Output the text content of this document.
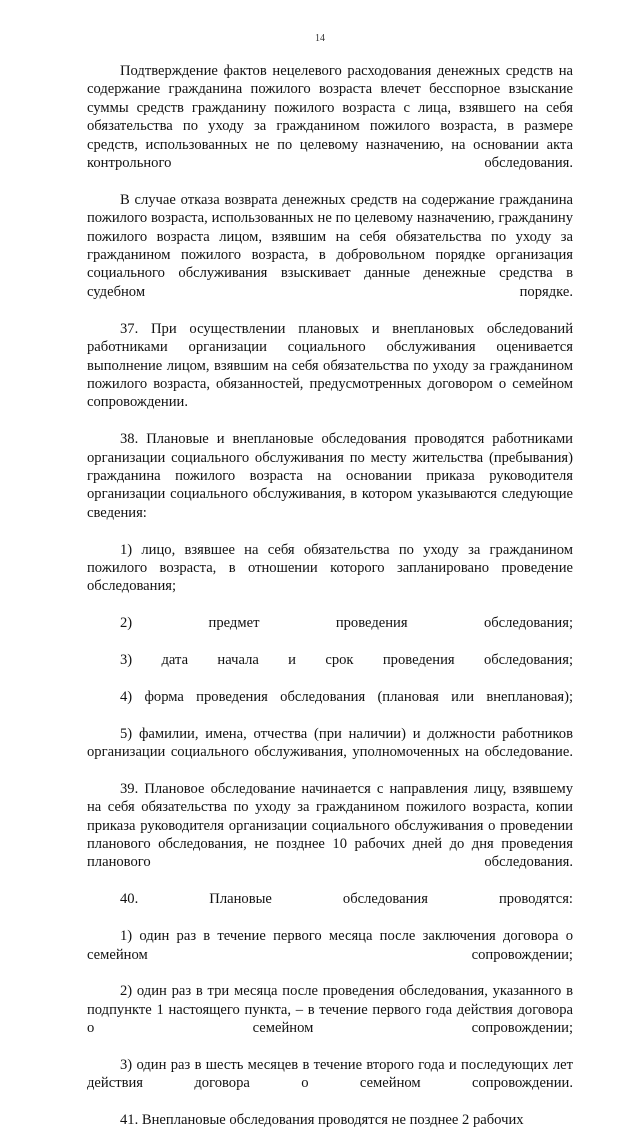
14

Подтверждение фактов нецелевого расходования денежных средств на содержание гражданина пожилого возраста влечет бесспорное взыскание суммы средств гражданину пожилого возраста с лица, взявшего на себя обязательства по уходу за гражданином пожилого возраста, в размере средств, использованных не по целевому назначению, на основании акта контрольного обследования.

В случае отказа возврата денежных средств на содержание гражданина пожилого возраста, использованных не по целевому назначению, гражданину пожилого возраста лицом, взявшим на себя обязательства по уходу за гражданином пожилого возраста, в добровольном порядке организация социального обслуживания взыскивает данные денежные средства в судебном порядке.

37. При осуществлении плановых и внеплановых обследований работниками организации социального обслуживания оценивается выполнение лицом, взявшим на себя обязательства по уходу за гражданином пожилого возраста, обязанностей, предусмотренных договором о семейном сопровождении.

38. Плановые и внеплановые обследования проводятся работниками организации социального обслуживания по месту жительства (пребывания) гражданина пожилого возраста на основании приказа руководителя организации социального обслуживания, в котором указываются следующие сведения:

1) лицо, взявшее на себя обязательства по уходу за гражданином пожилого возраста, в отношении которого запланировано проведение обследования;

2) предмет проведения обследования;

3) дата начала и срок проведения обследования;

4) форма проведения обследования (плановая или внеплановая);

5) фамилии, имена, отчества (при наличии) и должности работников организации социального обслуживания, уполномоченных на обследование.

39. Плановое обследование начинается с направления лицу, взявшему на себя обязательства по уходу за гражданином пожилого возраста, копии приказа руководителя организации социального обслуживания о проведении планового обследования, не позднее 10 рабочих дней до дня проведения планового обследования.

40. Плановые обследования проводятся:

1) один раз в течение первого месяца после заключения договора о семейном сопровождении;

2) один раз в три месяца после проведения обследования, указанного в подпункте 1 настоящего пункта, – в течение первого года действия договора о семейном сопровождении;

3) один раз в шесть месяцев в течение второго года и последующих лет действия договора о семейном сопровождении.

41. Внеплановые обследования проводятся не позднее 2 рабочих
